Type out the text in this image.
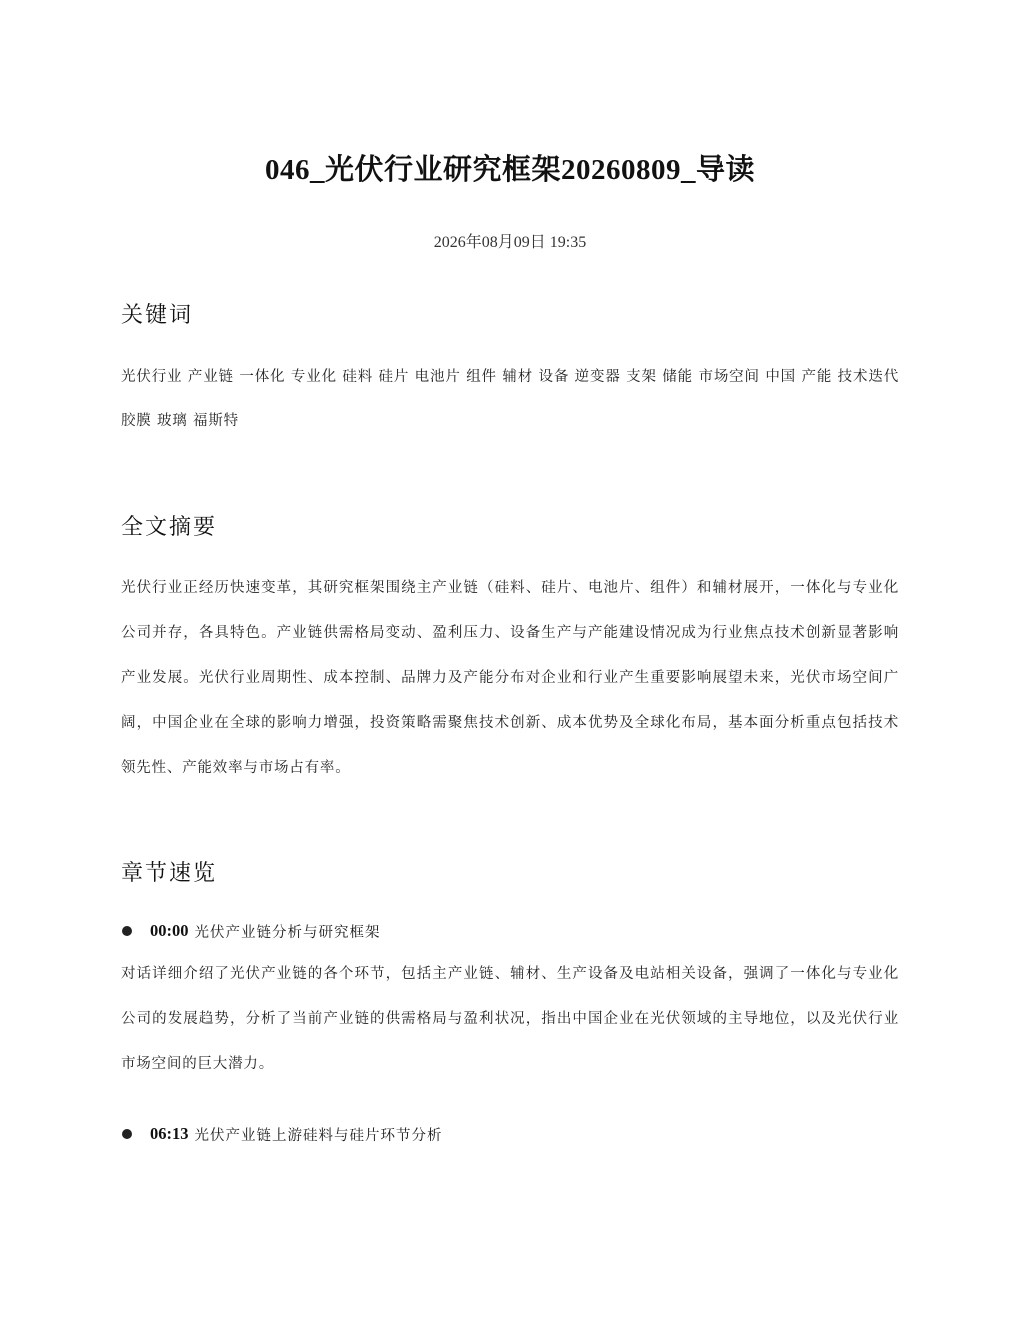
046_光伏行业研究框架20260809_导读
2026年08月09日 19:35
关键词

光伏行业 产业链 一体化 专业化 硅料 硅片 电池片 组件 辅材 设备 逆变器 支架 储能 市场空间 中国 产能 技术迭代 胶膜 玻璃 福斯特

全文摘要

光伏行业正经历快速变革，其研究框架围绕主产业链（硅料、硅片、电池片、组件）和辅材展开，一体化与专业化公司并存，各具特色。产业链供需格局变动、盈利压力、设备生产与产能建设情况成为行业焦点技术创新显著影响产业发展。光伏行业周期性、成本控制、品牌力及产能分布对企业和行业产生重要影响展望未来，光伏市场空间广阔，中国企业在全球的影响力增强，投资策略需聚焦技术创新、成本优势及全球化布局，基本面分析重点包括技术领先性、产能效率与市场占有率。

章节速览
00:00 光伏产业链分析与研究框架

对话详细介绍了光伏产业链的各个环节，包括主产业链、辅材、生产设备及电站相关设备，强调了一体化与专业化公司的发展趋势，分析了当前产业链的供需格局与盈利状况，指出中国企业在光伏领域的主导地位，以及光伏行业市场空间的巨大潜力。

06:13 光伏产业链上游硅料与硅片环节分析
